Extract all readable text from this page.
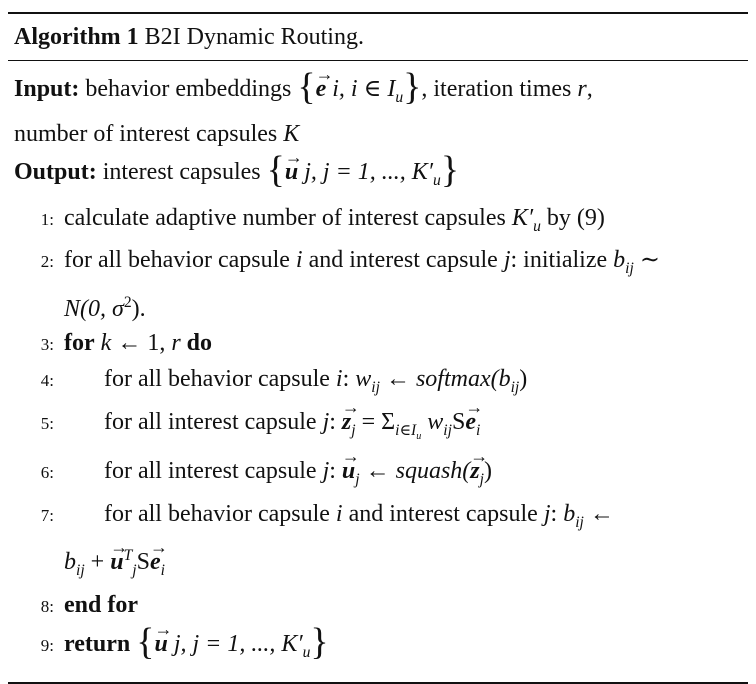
Algorithm 1 B2I Dynamic Routing.
Input: behavior embeddings {→ e i, i ∈ $I_u$}, iteration times r,
number of interest capsules K
Output: interest capsules {→ u j, j = 1, ..., $K'_u$}
1: calculate adaptive number of interest capsules $K'_u$ by (9)
2: for all behavior capsule i and interest capsule j: initialize $b_{ij}$ ∼
N(0, $\sigma^2$).
3: for k ← 1, r do
4:	for all behavior capsule i: $w_{ij}$ ← $softmax(b_{ij})$
5:	for all interest capsule j: → $z_j = \Sigma_{i\in I_u}$ $w_{ij}S\to e_i$
6:	for all interest capsule j: → $u_j$ ← squash(→ $z_j$)
7:	for all behavior capsule i and interest capsule j: $b_{ij}$ ←
$b_{ij}$ + → $u^T_jS\to e_i$
8: end for
9: return {→ u j, j = 1, ..., $K'_u$}
